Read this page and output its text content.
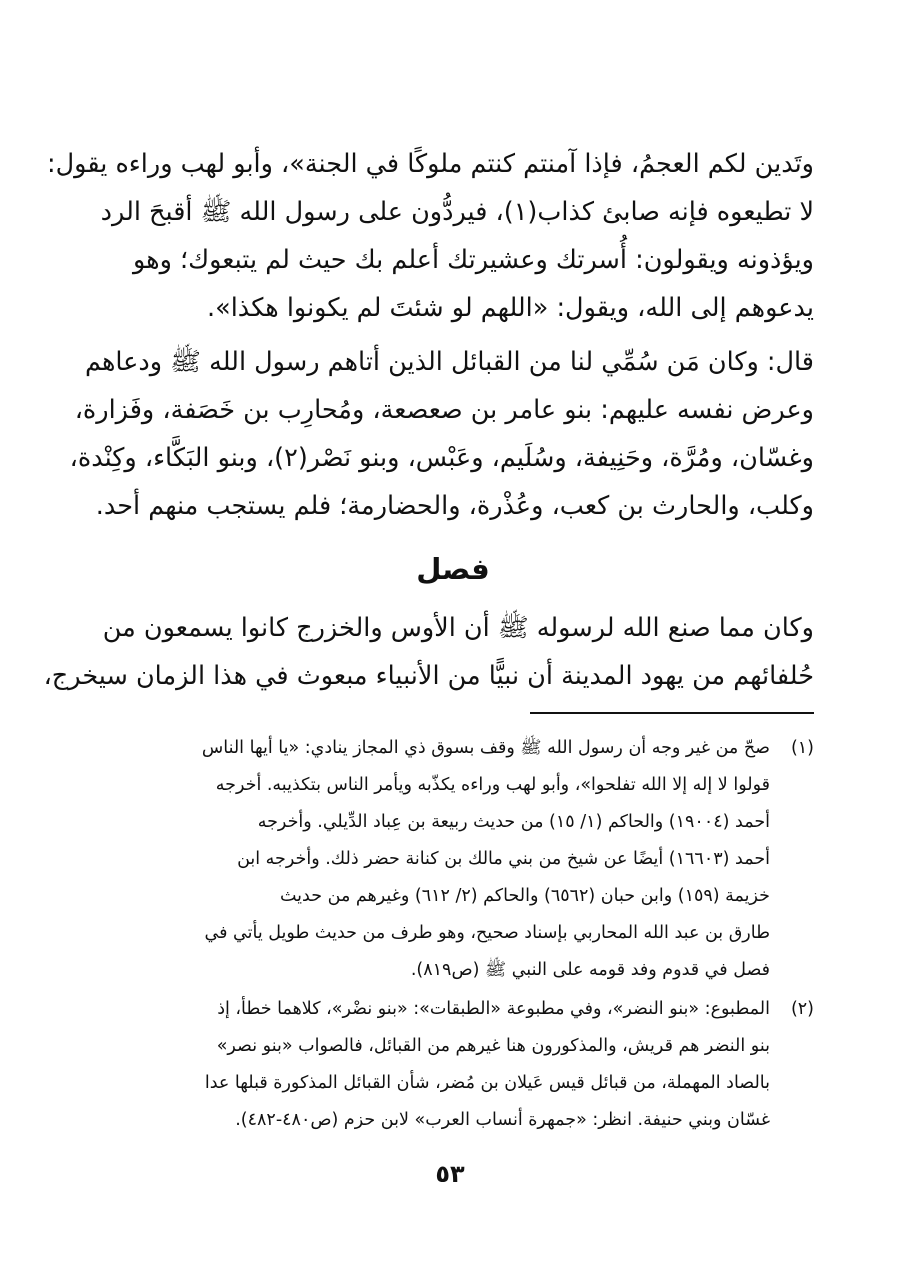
وتَدين لكم العجمُ، فإذا آمنتم كنتم ملوكًا في الجنة»، وأبو لهب وراءه يقول:
لا تطيعوه فإنه صابئ كذاب(١)، فيردُّون على رسول الله ﷺ أقبحَ الرد
ويؤذونه ويقولون: أُسرتك وعشيرتك أعلم بك حيث لم يتبعوك؛ وهو
يدعوهم إلى الله، ويقول: «اللهم لو شئتَ لم يكونوا هكذا».
قال: وكان مَن سُمِّي لنا من القبائل الذين أتاهم رسول الله ﷺ ودعاهم
وعرض نفسه عليهم: بنو عامر بن صعصعة، ومُحارِب بن خَصَفة، وفَزارة،
وغسّان، ومُرَّة، وحَنِيفة، وسُلَيم، وعَبْس، وبنو نَصْر(٢)، وبنو البَكَّاء، وكِنْدة،
وكلب، والحارث بن كعب، وعُذْرة، والحضارمة؛ فلم يستجب منهم أحد.
فصل
وكان مما صنع الله لرسوله ﷺ أن الأوس والخزرج كانوا يسمعون من
حُلفائهم من يهود المدينة أن نبيًّا من الأنبياء مبعوث في هذا الزمان سيخرج،
(١)
صحّ من غير وجه أن رسول الله ﷺ وقف بسوق ذي المجاز ينادي: «يا أيها الناس
قولوا لا إله إلا الله تفلحوا»، وأبو لهب وراءه يكذّبه ويأمر الناس بتكذيبه. أخرجه
أحمد (١٩٠٠٤) والحاكم (١/ ١٥) من حديث ربيعة بن عِباد الدِّيلي. وأخرجه
أحمد (١٦٦٠٣) أيضًا عن شيخ من بني مالك بن كنانة حضر ذلك. وأخرجه ابن
خزيمة (١٥٩) وابن حبان (٦٥٦٢) والحاكم (٢/ ٦١٢) وغيرهم من حديث
طارق بن عبد الله المحاربي بإسناد صحيح، وهو طرف من حديث طويل يأتي في
فصل في قدوم وفد قومه على النبي ﷺ (ص٨١٩).
(٢)
المطبوع: «بنو النضر»، وفي مطبوعة «الطبقات»: «بنو نضْر»، كلاهما خطأ، إذ
بنو النضر هم قريش، والمذكورون هنا غيرهم من القبائل، فالصواب «بنو نصر»
بالصاد المهملة، من قبائل قيس عَيلان بن مُضر، شأن القبائل المذكورة قبلها عدا
غسّان وبني حنيفة. انظر: «جمهرة أنساب العرب» لابن حزم (ص٤٨٠-٤٨٢).
٥٣
